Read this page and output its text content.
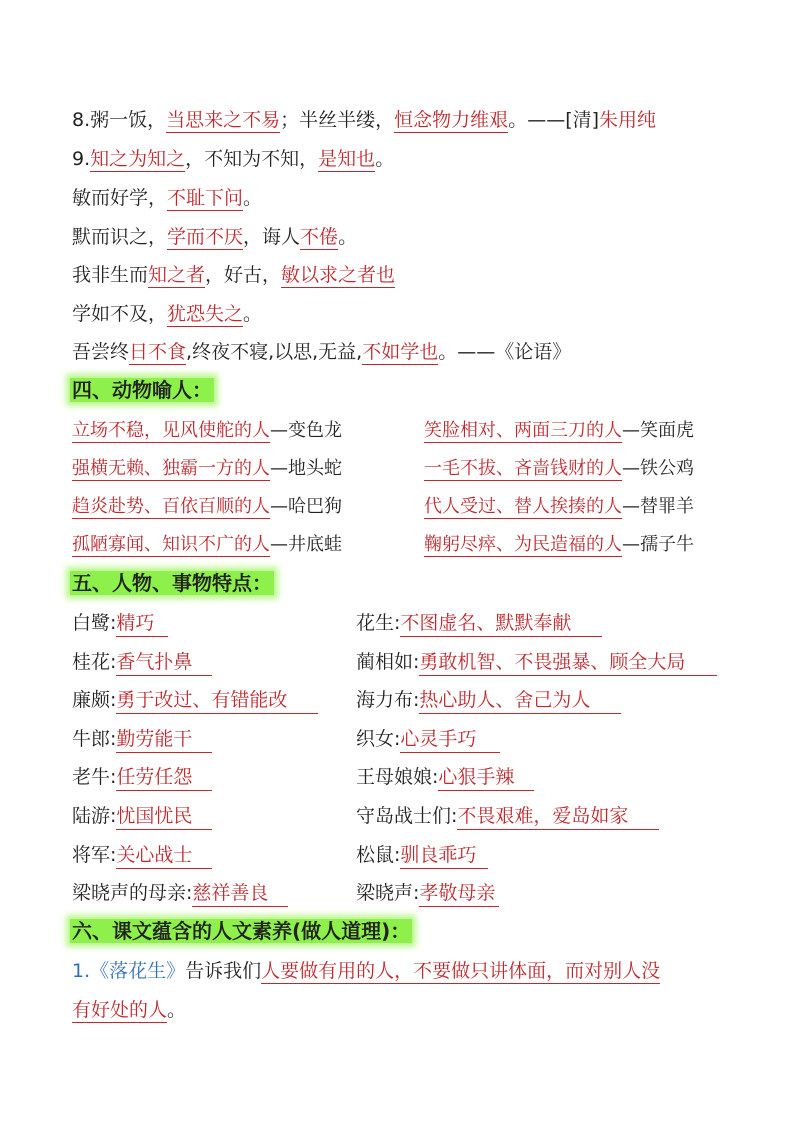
8.粥一饭，当思来之不易；半丝半缕，恒念物力维艰。——[清]朱用纯
9.知之为知之，不知为不知，是知也。
敏而好学，不耻下问。
默而识之，学而不厌，诲人不倦。
我非生而知之者，好古，敏以求之者也
学如不及，犹恐失之。
吾尝终日不食,终夜不寝,以思,无益,不如学也。——《论语》
四、动物喻人：
立场不稳，见风使舵的人—变色龙	笑脸相对、两面三刀的人—笑面虎
强横无赖、独霸一方的人—地头蛇	一毛不拔、吝啬钱财的人—铁公鸡
趋炎赴势、百依百顺的人—哈巴狗	代人受过、替人挨揍的人—替罪羊
孤陋寡闻、知识不广的人—井底蛙	鞠躬尽瘁、为民造福的人—孺子牛
五、人物、事物特点：
白鹭:精巧	花生:不图虚名、默默奉献
桂花:香气扑鼻	蔺相如:勇敢机智、不畏强暴、顾全大局
廉颇:勇于改过、有错能改	海力布:热心助人、舍己为人
牛郎:勤劳能干	织女:心灵手巧
老牛:任劳任怨	王母娘娘:心狠手辣
陆游:忧国忧民	守岛战士们:不畏艰难，爱岛如家
将军:关心战士	松鼠:驯良乖巧
梁晓声的母亲:慈祥善良	梁晓声:孝敬母亲
六、课文蕴含的人文素养(做人道理)：
1.《落花生》告诉我们人要做有用的人，不要做只讲体面，而对别人没
有好处的人。
